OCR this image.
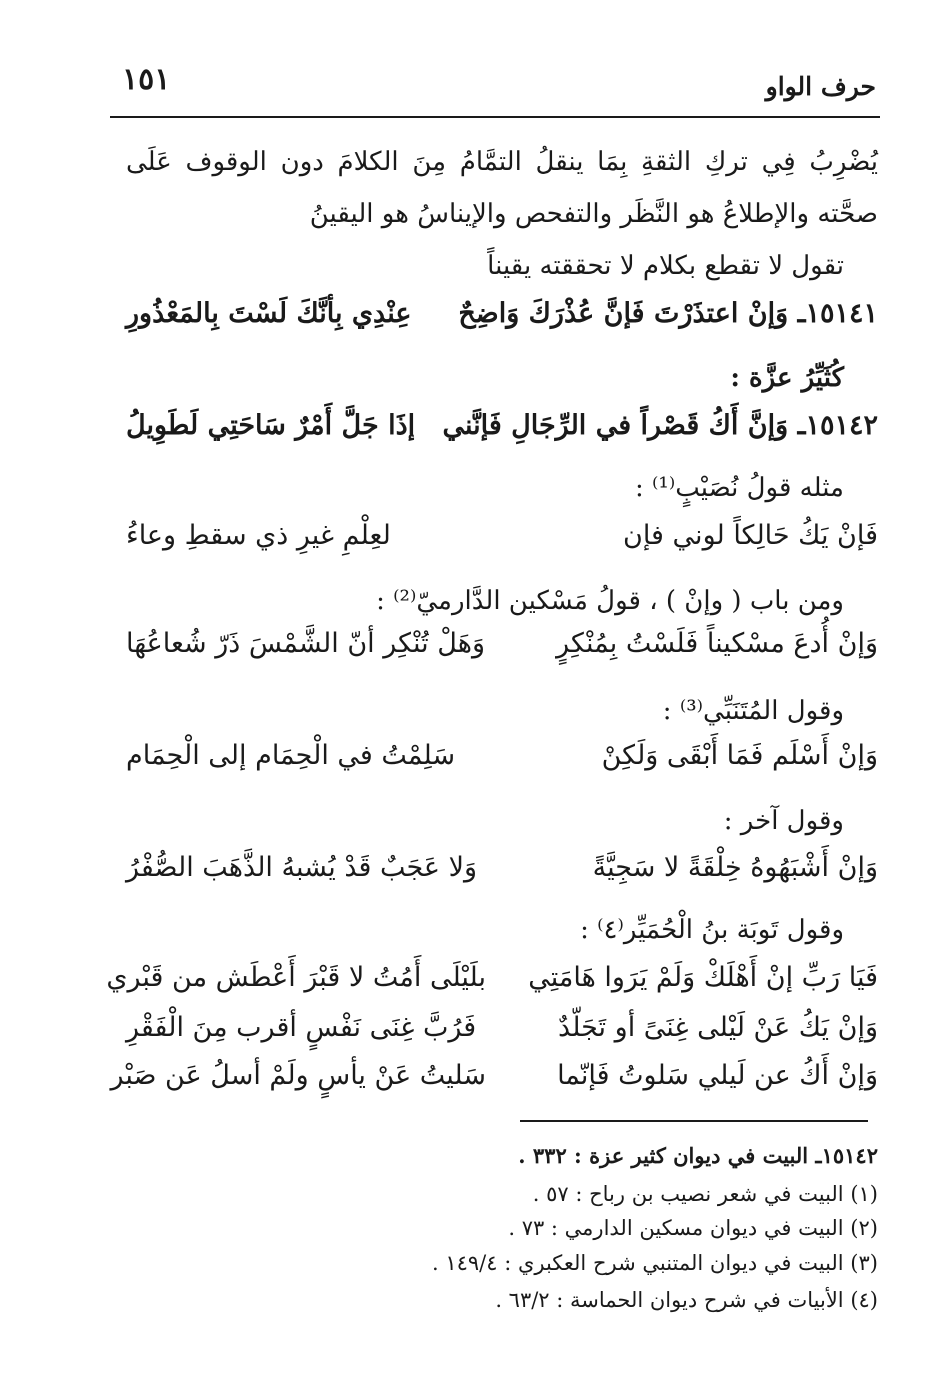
حرف الواو
١٥١
يُضْرِبُ فِي تركِ الثقةِ بِمَا ينقلُ التمَّامُ مِنَ الكلامَ دون الوقوف عَلَى صحَّته والإطلاعُ هو النَّظَر والتفحص والإيناسُ هو اليقينُ
تقول لا تقطع بكلام لا تحققته يقيناً
١٥١٤١ـ وَإنْ اعتذَرْتَ فَإنَّ عُذْرَكَ وَاضِحٌ
عِنْدِي بِأنَّكَ لَسْتَ بِالمَعْذُورِ
كُثَيِّرُ عزَّة :
١٥١٤٢ـ وَإنَّ أَكُ قَصْراً في الرِّجَالِ فَإنَّني
إذَا جَلَّ أَمْرٌ سَاحَتِي لَطَوِيلُ
مثله قولُ نُصَيْبٍ⁽¹⁾ :
فَإنْ يَكُ حَالِكاً لوني فإن
لعِلْمِ غيرِ ذي سقطِ وعاءُ
ومن باب ( وإنْ ) ، قولُ مَسْكين الدَّارميّ⁽²⁾ :
وَإنْ أُدعَ مسْكيناً فَلَسْتُ بِمُنْكِرٍ
وَهَلْ تُنْكِر أنّ الشَّمْسَ ذَرّ شُعاعُهَا
وقول المُتَنَبِّي⁽³⁾ :
وَإنْ أَسْلَم فَمَا أَبْقَى وَلَكِنْ
سَلِمْتُ في الْحِمَام إلى الْحِمَام
وقول آخر :
وَإنْ أَشْبَهُوهُ خِلْقَةً لا سَجِيَّةً
وَلا عَجَبٌ قَدْ يُشبهُ الذَّهَبَ الصُّفْرُ
وقول تَوبَة بنُ الْحُمَيِّر⁽٤⁾ :
فَيَا رَبِّ إنْ أَهْلَكْ وَلَمْ يَرَوا هَامَتِي
بلَيْلَى أَمُتُ لا قَبْرَ أَعْطَش من قَبْري
وَإنْ يَكُ عَنْ لَيْلى غِنَىً أو تَجَلّدٌ
فَرُبَّ غِنَى نَفْسٍ أقرب مِنَ الْفَقْرِ
وَإنْ أَكُ عن لَيلي سَلوتُ فَإنّما
سَليتُ عَنْ يأسٍ ولَمْ أسلُ عَن صَبْر
١٥١٤٢ـ البيت في ديوان كثير عزة : ٣٣٢ .
(١) البيت في شعر نصيب بن رباح : ٥٧ .
(٢) البيت في ديوان مسكين الدارمي : ٧٣ .
(٣) البيت في ديوان المتنبي شرح العكبري : ١٤٩/٤ .
(٤) الأبيات في شرح ديوان الحماسة : ٦٣/٢ .
